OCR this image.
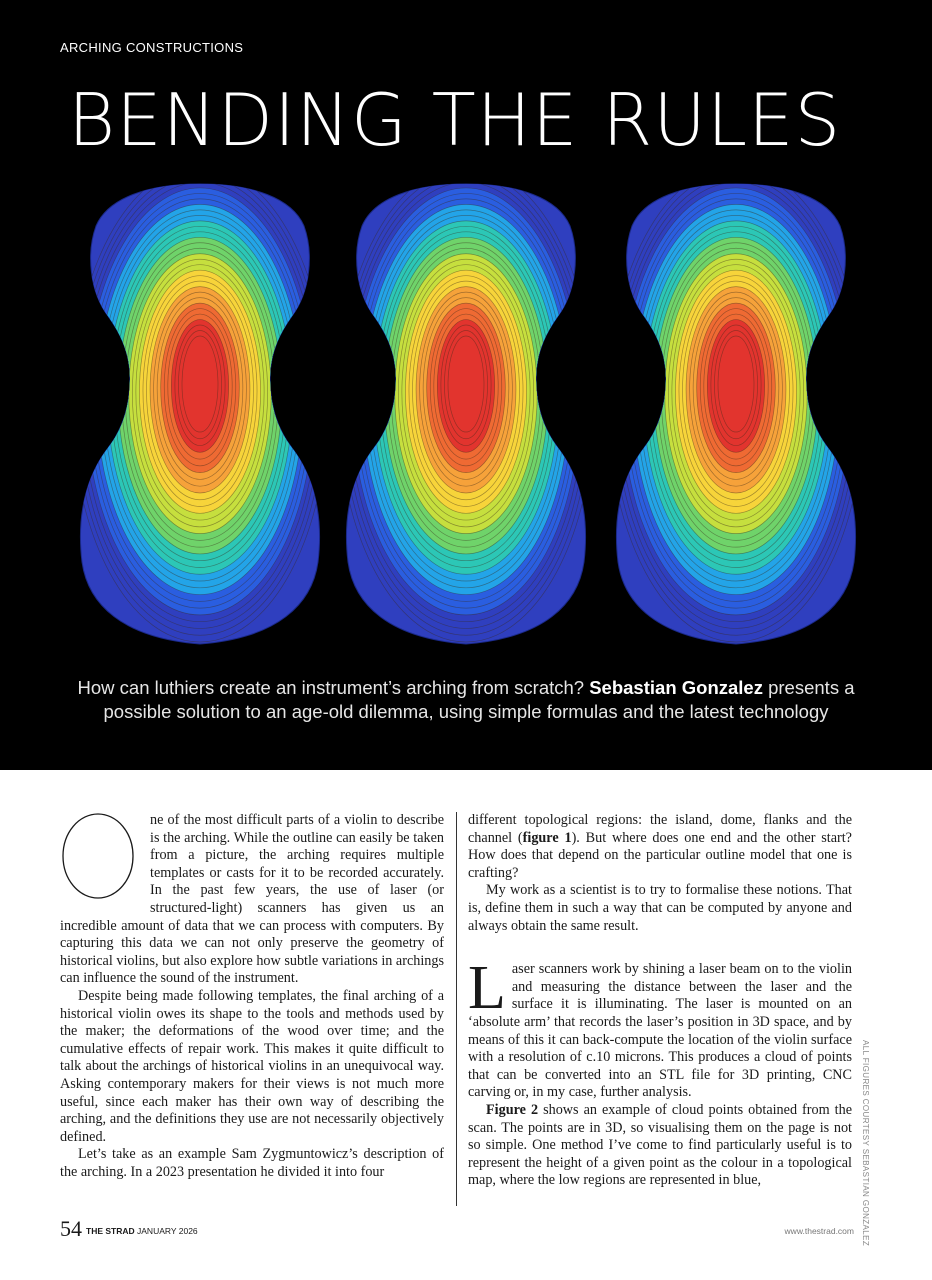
ARCHING CONSTRUCTIONS
BENDING THE RULES
How can luthiers create an instrument’s arching from scratch? Sebastian Gonzalez presents a possible solution to an age-old dilemma, using simple formulas and the latest technology

ne of the most difficult parts of a violin to describe is the arching. While the outline can easily be taken from a picture, the arching requires multiple templates or casts for it to be recorded accurately. In the past few years, the use of laser (or structured-light) scanners has given us an incredible amount of data that we can process with computers. By capturing this data we can not only preserve the geometry of historical violins, but also explore how subtle variations in archings can influence the sound of the instrument.

Despite being made following templates, the final arching of a historical violin owes its shape to the tools and methods used by the maker; the deformations of the wood over time; and the cumulative effects of repair work. This makes it quite difficult to talk about the archings of historical violins in an unequivocal way. Asking contemporary makers for their views is not much more useful, since each maker has their own way of describing the arching, and the definitions they use are not necessarily objectively defined.

Let’s take as an example Sam Zygmuntowicz’s description of the arching. In a 2023 presentation he divided it into four

different topological regions: the island, dome, flanks and the channel (figure 1). But where does one end and the other start? How does that depend on the particular outline model that one is crafting?

My work as a scientist is to try to formalise these notions. That is, define them in such a way that can be computed by anyone and always obtain the same result.

Laser scanners work by shining a laser beam on to the violin and measuring the distance between the laser and the surface it is illuminating. The laser is mounted on an ‘absolute arm’ that records the laser’s position in 3D space, and by means of this it can back-compute the location of the violin surface with a resolution of c.10 microns. This produces a cloud of points that can be converted into an STL file for 3D printing, CNC carving or, in my case, further analysis.

Figure 2 shows an example of cloud points obtained from the scan. The points are in 3D, so visualising them on the page is not so simple. One method I’ve come to find particularly useful is to represent the height of a given point as the colour in a topological map, where the low regions are represented in blue,	ALL FIGURES COURTESY SEBASTIAN GONZALEZ
54 THE STRAD JANUARY 2026	www.thestrad.com
